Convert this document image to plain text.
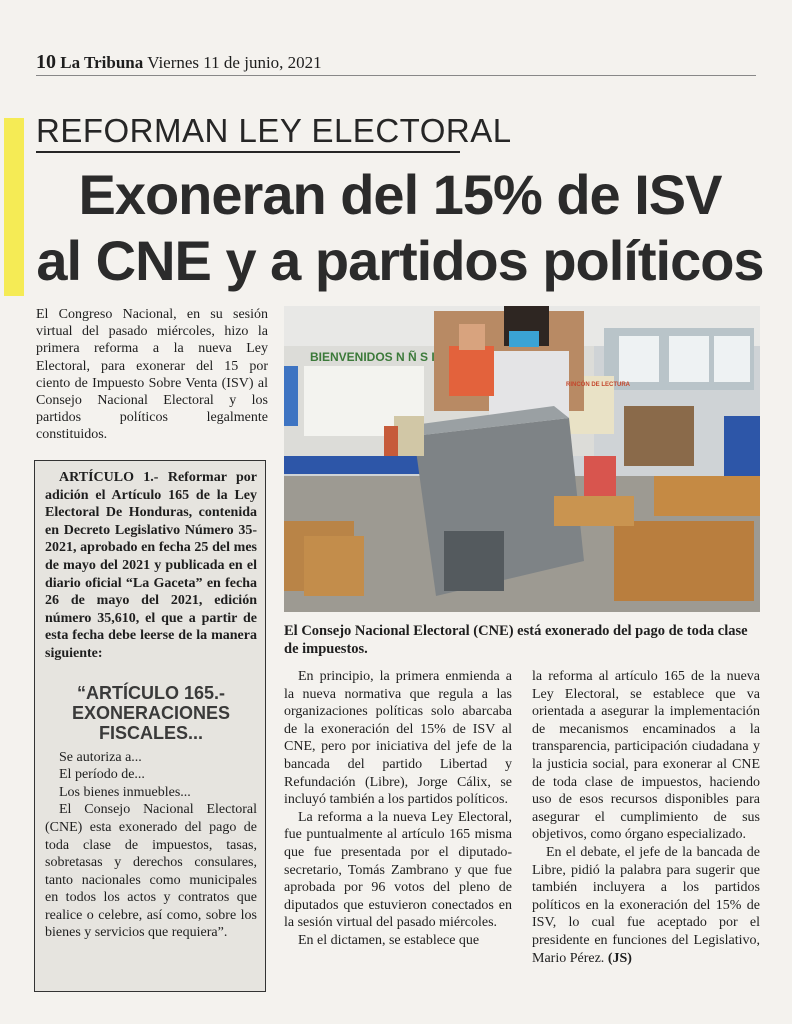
10 La Tribuna Viernes 11 de junio, 2021
REFORMAN LEY ELECTORAL
Exoneran del 15% de ISV
al CNE y a partidos políticos
El Congreso Nacional, en su sesión virtual del pasado miércoles, hizo la primera reforma a la nueva Ley Electoral, para exonerar del 15 por ciento de Impuesto Sobre Venta (ISV) al Consejo Nacional Electoral y los partidos políticos legalmente constituidos.

ARTÍCULO 1.- Reformar por adición el Artículo 165 de la Ley Electoral De Honduras, contenida en Decreto Legislativo Número 35-2021, aprobado en fecha 25 del mes de mayo del 2021 y publicada en el diario oficial “La Gaceta” en fecha 26 de mayo del 2021, edición número 35,610, el que a partir de esta fecha debe leerse de la manera siguiente:

“ARTÍCULO 165.- EXONERACIONES FISCALES...

Se autoriza a...

El período de...

Los bienes inmuebles...

El Consejo Nacional Electoral (CNE) esta exonerado del pago de toda clase de impuestos, tasas, sobretasas y derechos consulares, tanto nacionales como municipales en todos los actos y contratos que realice o celebre, así como, sobre los bienes y servicios que requiera”.

BIENVENIDOS N Ñ S I
RINCÓN DE LECTURA
El Consejo Nacional Electoral (CNE) está exonerado del pago de toda clase de impuestos.

En principio, la primera enmienda a la nueva normativa que regula a las organizaciones políticas solo abarcaba de la exoneración del 15% de ISV al CNE, pero por iniciativa del jefe de la bancada del partido Libertad y Refundación (Libre), Jorge Cálix, se incluyó también a los partidos políticos.

La reforma a la nueva Ley Electoral, fue puntualmente al artículo 165 misma que fue presentada por el diputado-secretario, Tomás Zambrano y que fue aprobada por 96 votos del pleno de diputados que estuvieron conectados en la sesión virtual del pasado miércoles.

En el dictamen, se establece que

la reforma al artículo 165 de la nueva Ley Electoral, se establece que va orientada a asegurar la implementación de mecanismos encaminados a la transparencia, participación ciudadana y la justicia social, para exonerar al CNE de toda clase de impuestos, haciendo uso de esos recursos disponibles para asegurar el cumplimiento de sus objetivos, como órgano especializado.

En el debate, el jefe de la bancada de Libre, pidió la palabra para sugerir que también incluyera a los partidos políticos en la exoneración del 15% de ISV, lo cual fue aceptado por el presidente en funciones del Legislativo, Mario Pérez. (JS)
